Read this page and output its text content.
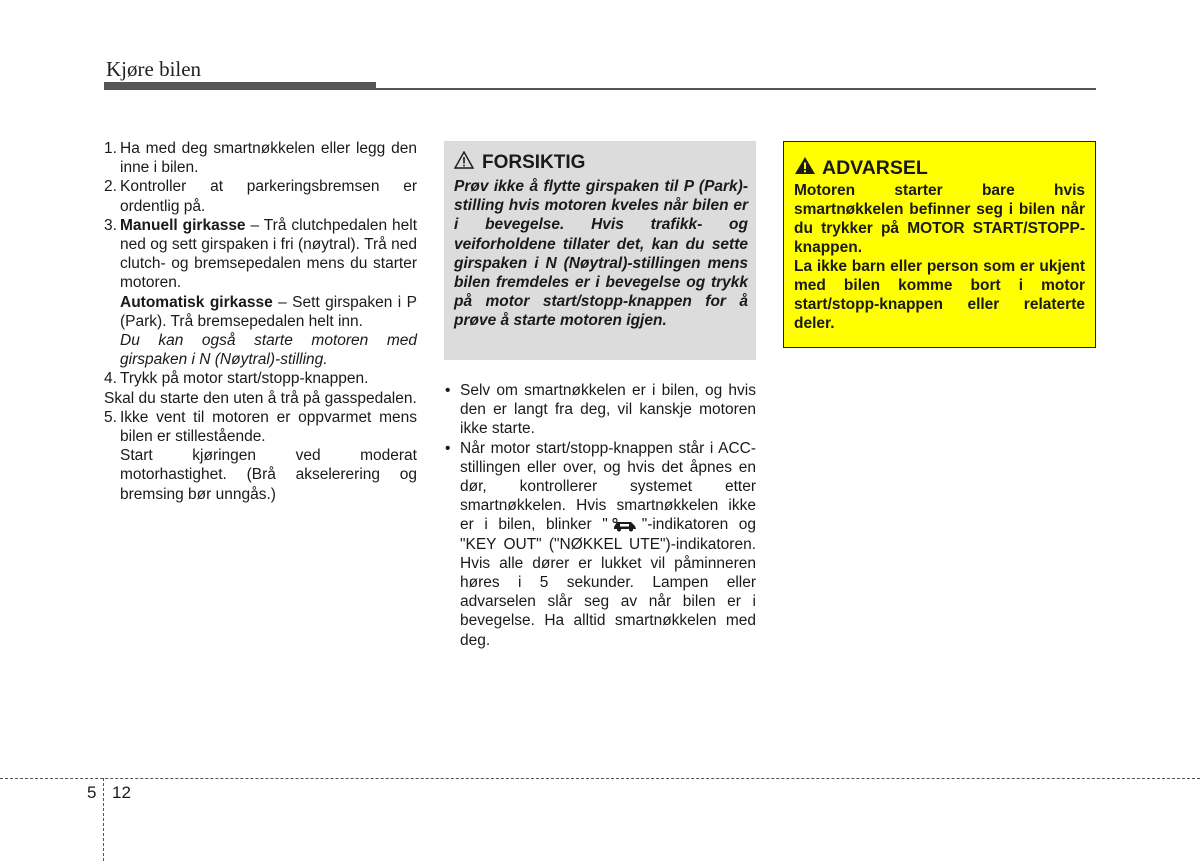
Kjøre bilen
1. Ha med deg smartnøkkelen eller legg den inne i bilen.
2. Kontroller at parkeringsbremsen er ordentlig på.
3. Manuell girkasse – Trå clutchpedalen helt ned og sett girspaken i fri (nøytral). Trå ned clutch- og bremsepedalen mens du starter motoren.
Automatisk girkasse – Sett girspaken i P (Park). Trå bremsepedalen helt inn.
Du kan også starte motoren med girspaken i N (Nøytral)-stilling.
4. Trykk på motor start/stopp-knappen.
Skal du starte den uten å trå på gasspedalen.
5. Ikke vent til motoren er oppvarmet mens bilen er stillestående.
Start kjøringen ved moderat motorhastighet. (Brå akselerering og bremsing bør unngås.)
FORSIKTIG
Prøv ikke å flytte girspaken til P (Park)-stilling hvis motoren kveles når bilen er i bevegelse. Hvis trafikk- og veiforholdene tillater det, kan du sette girspaken i N (Nøytral)-stillingen mens bilen fremdeles er i bevegelse og trykk på motor start/stopp-knappen for å prøve å starte motoren igjen.
• Selv om smartnøkkelen er i bilen, og hvis den er langt fra deg, vil kanskje motoren ikke starte.
• Når motor start/stopp-knappen står i ACC-stillingen eller over, og hvis det åpnes en dør, kontrollerer systemet etter smartnøkkelen. Hvis smartnøkkelen ikke er i bilen, blinker " "-indikatoren og "KEY OUT" ("NØKKEL UTE")-indikatoren. Hvis alle dører er lukket vil påminneren høres i 5 sekunder. Lampen eller advarselen slår seg av når bilen er i bevegelse. Ha alltid smartnøkkelen med deg.
ADVARSEL
Motoren starter bare hvis smartnøkkelen befinner seg i bilen når du trykker på MOTOR START/STOPP-knappen.
La ikke barn eller person som er ukjent med bilen komme bort i motor start/stopp-knappen eller relaterte deler.
5 12
